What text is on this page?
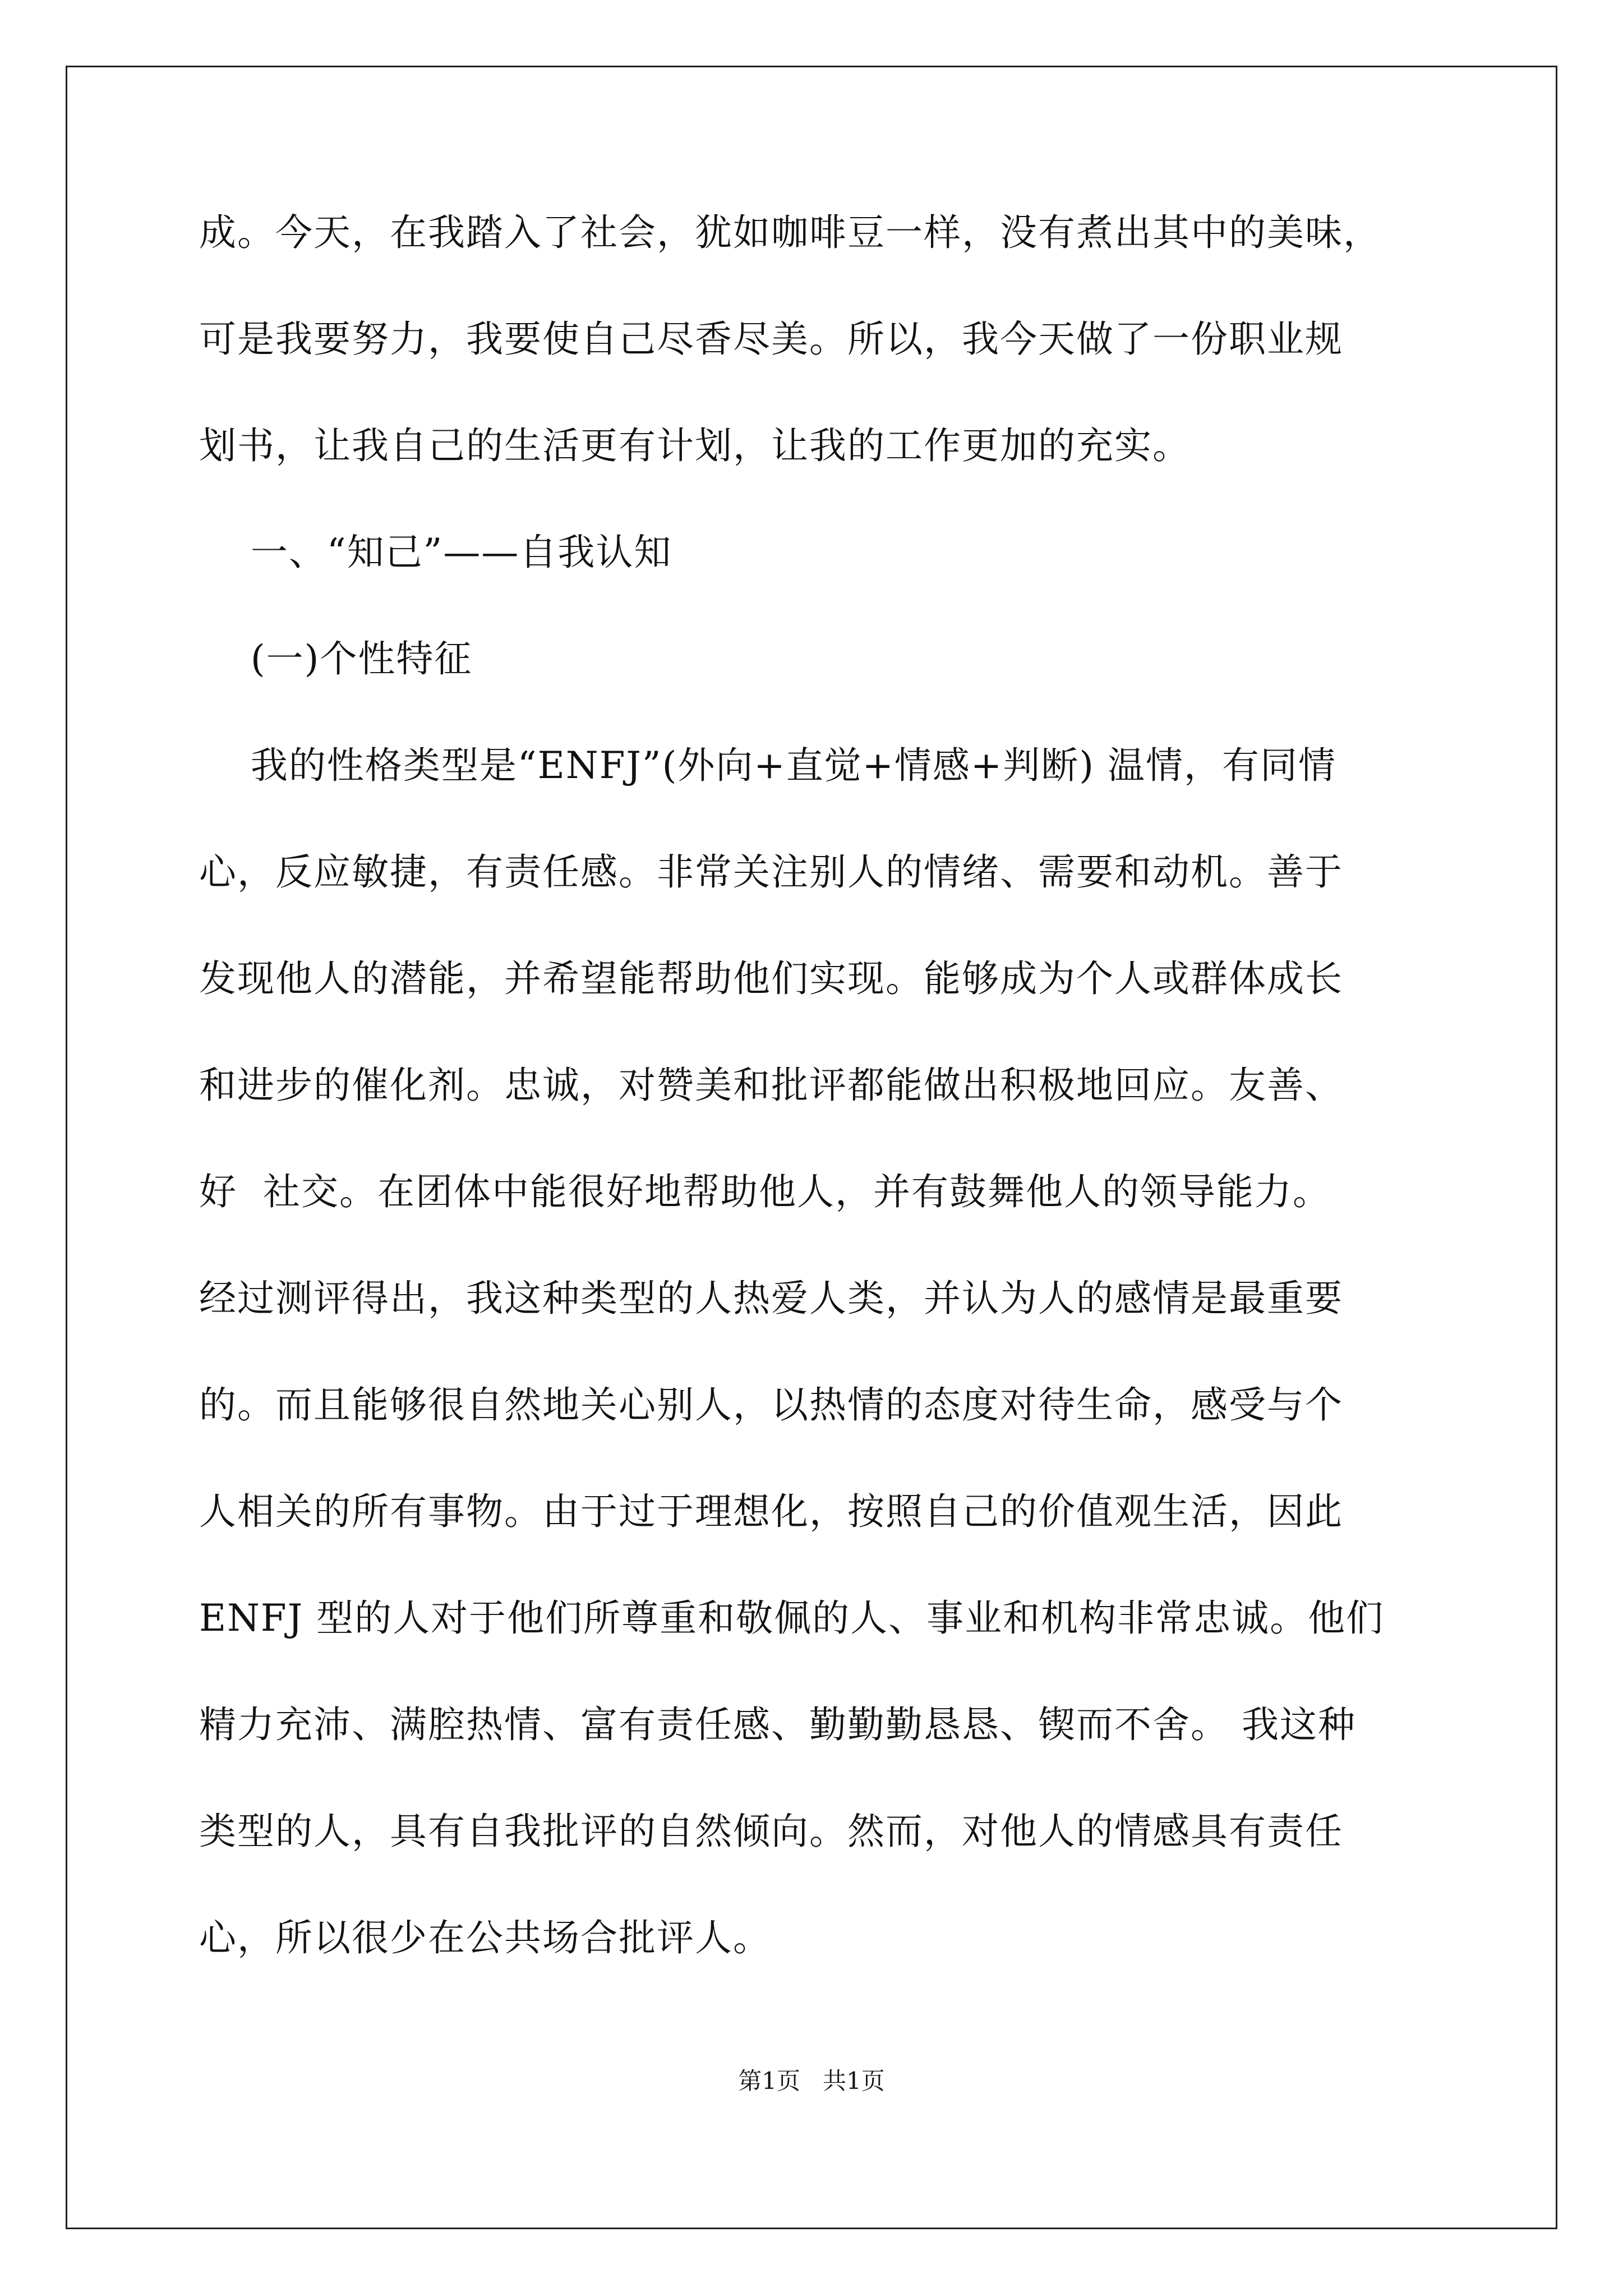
成。今天，在我踏入了社会，犹如咖啡豆一样，没有煮出其中的美味，
可是我要努力，我要使自己尽香尽美。所以，我今天做了一份职业规
划书，让我自己的生活更有计划，让我的工作更加的充实。
一、“知己”——自我认知
(一)个性特征
我的性格类型是“ENFJ”(外向+直觉+情感+判断) 温情，有同情
心，反应敏捷，有责任感。非常关注别人的情绪、需要和动机。善于
发现他人的潜能，并希望能帮助他们实现。能够成为个人或群体成长
和进步的催化剂。忠诚，对赞美和批评都能做出积极地回应。友善、
好  社交。在团体中能很好地帮助他人，并有鼓舞他人的领导能力。
经过测评得出，我这种类型的人热爱人类，并认为人的感情是最重要
的。而且能够很自然地关心别人，以热情的态度对待生命，感受与个
人相关的所有事物。由于过于理想化，按照自己的价值观生活，因此
ENFJ 型的人对于他们所尊重和敬佩的人、事业和机构非常忠诚。他们
精力充沛、满腔热情、富有责任感、勤勤勤恳恳、锲而不舍。 我这种
类型的人，具有自我批评的自然倾向。然而，对他人的情感具有责任
心，所以很少在公共场合批评人。
第1页   共1页
